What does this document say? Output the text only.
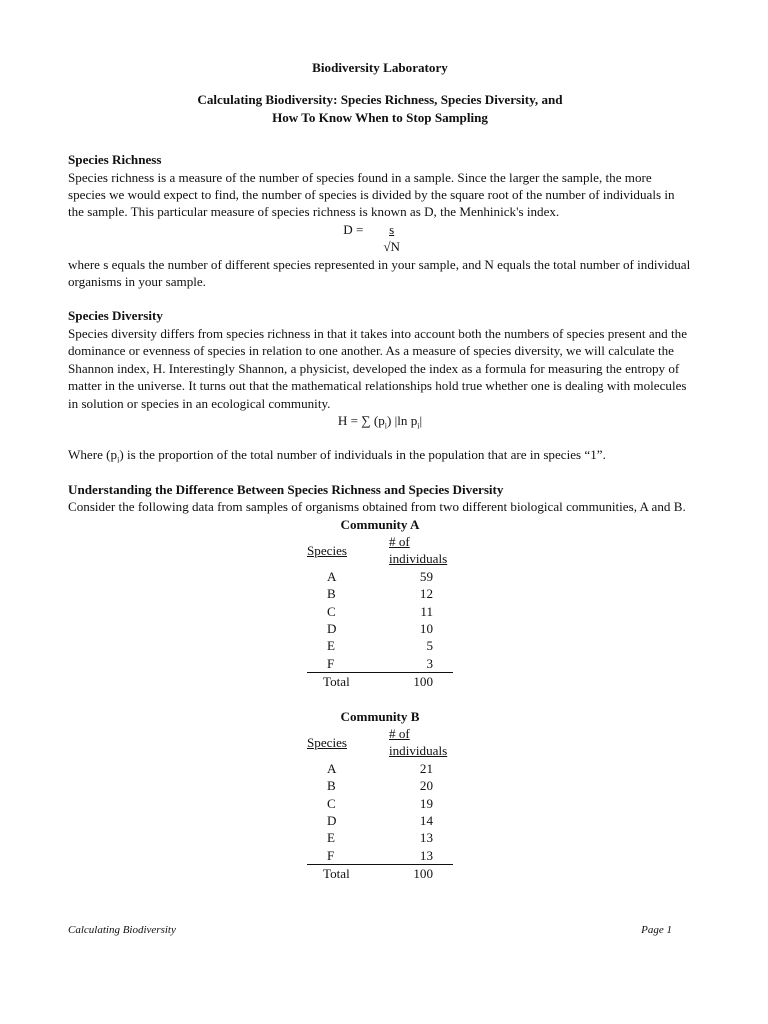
Biodiversity Laboratory

Calculating Biodiversity: Species Richness, Species Diversity, and
How To Know When to Stop Sampling

Species Richness

Species richness is a measure of the number of species found in a sample. Since the larger the sample, the more species we would expect to find, the number of species is divided by the square root of the number of individuals in the sample. This particular measure of species richness is known as D, the Menhinick's index.

$D = \frac{s}{√N}$

where s equals the number of different species represented in your sample, and N equals the total number of individual organisms in your sample.

Species Diversity

Species diversity differs from species richness in that it takes into account both the numbers of species present and the dominance or evenness of species in relation to one another. As a measure of species diversity, we will calculate the Shannon index, H. Interestingly Shannon, a physicist, developed the index as a formula for measuring the entropy of matter in the universe. It turns out that the mathematical relationships hold true whether one is dealing with molecules in solution or species in an ecological community.

H = ∑ $(p_i)$ |ln $p_i|$

Where $(p_i)$ is the proportion of the total number of individuals in the population that are in species “1”.

Understanding the Difference Between Species Richness and Species Diversity

Consider the following data from samples of organisms obtained from two different biological communities, A and B.

Community A
Species	# of individuals
A	59
B	12
C	11
D	10
E	5
F	3
Total	100
Community B
Species	# of individuals
A	21
B	20
C	19
D	14
E	13
F	13
Total	100
Calculating Biodiversity	Page 1
